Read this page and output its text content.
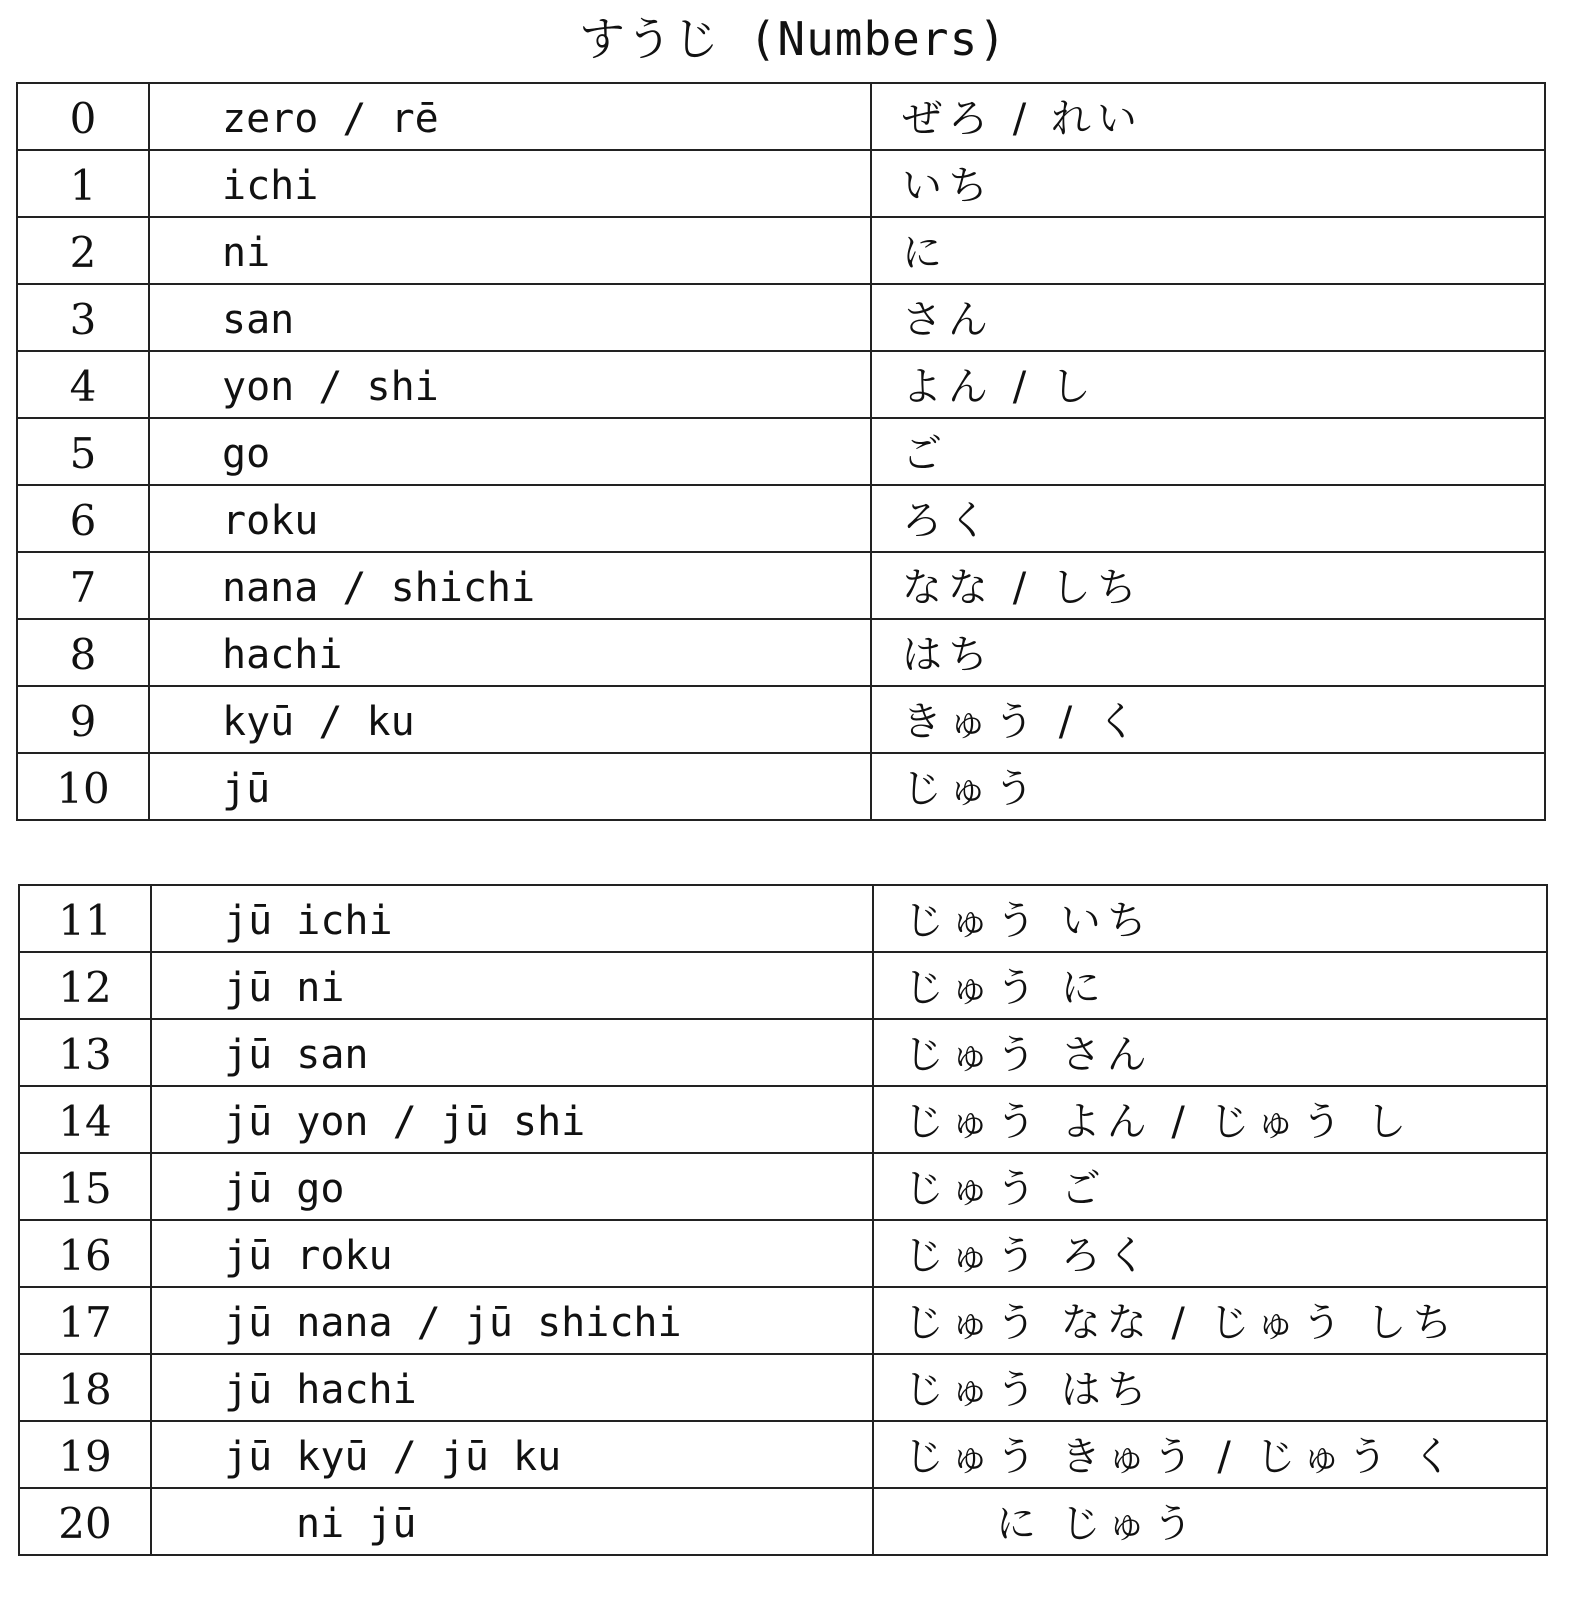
すうじ (Numbers)
0	zero / rē	ぜろ / れい
1	ichi	いち
2	ni	に
3	san	さん
4	yon / shi	よん / し
5	go	ご
6	roku	ろく
7	nana / shichi	なな / しち
8	hachi	はち
9	kyū / ku	きゅう / く
10	jū	じゅう
11	jū ichi	じゅう いち
12	jū ni	じゅう に
13	jū san	じゅう さん
14	jū yon / jū shi	じゅう よん / じゅう し
15	jū go	じゅう ご
16	jū roku	じゅう ろく
17	jū nana / jū shichi	じゅう なな / じゅう しち
18	jū hachi	じゅう はち
19	jū kyū / jū ku	じゅう きゅう / じゅう く
20	ni jū	に じゅう
